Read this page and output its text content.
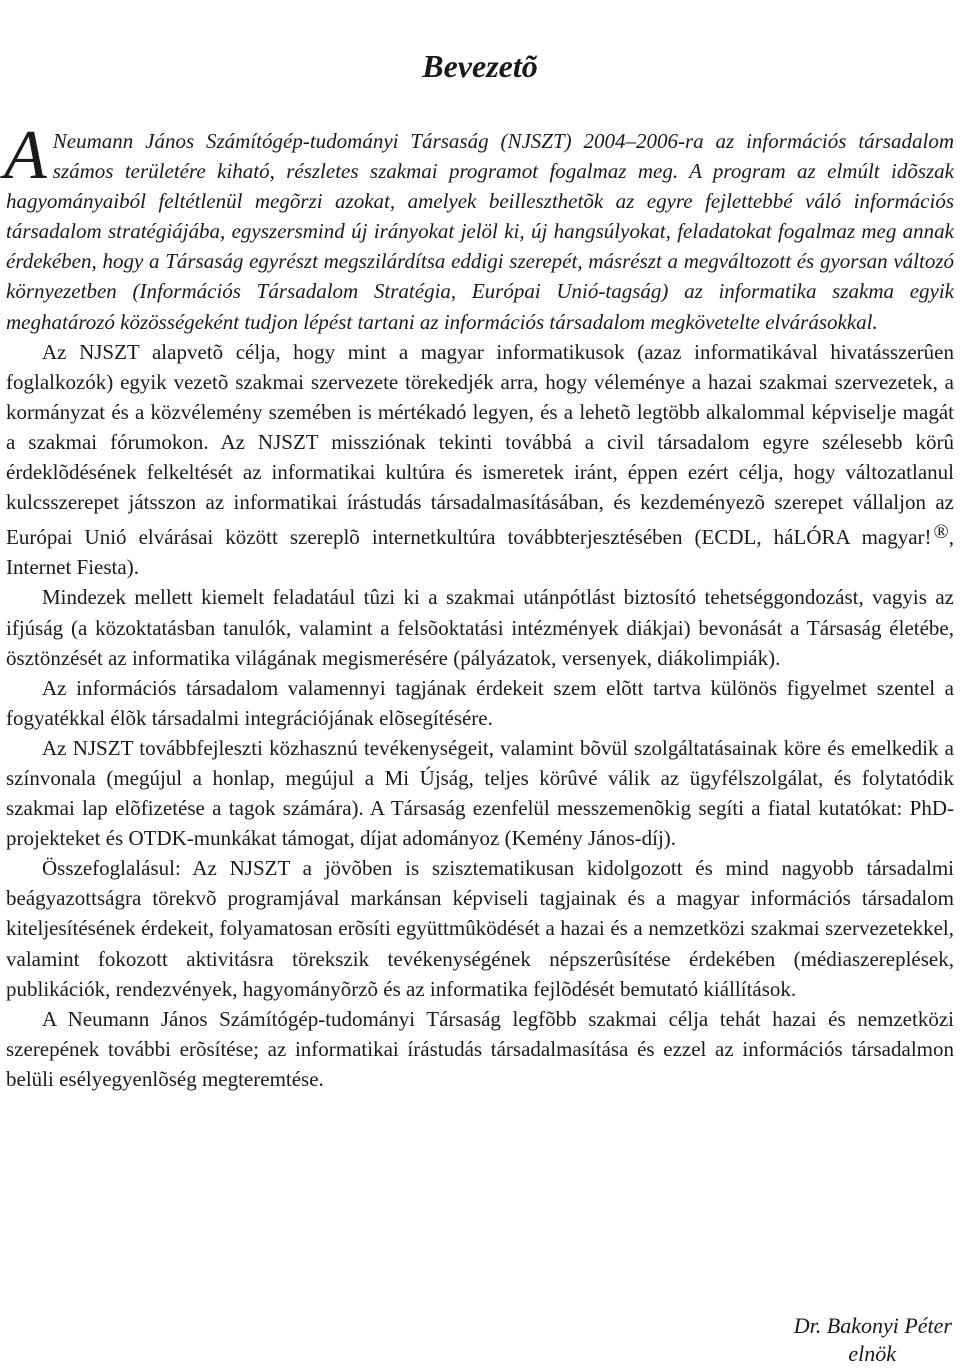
Bevezetõ

A Neumann János Számítógép-tudományi Társaság (NJSZT) 2004–2006-ra az információs társadalom számos területére kiható, részletes szakmai programot fogalmaz meg. A program az elmúlt idõszak hagyományaiból feltétlenül megõrzi azokat, amelyek beilleszthetõk az egyre fejlettebbé váló információs társadalom stratégiájába, egyszersmind új irányokat jelöl ki, új hangsúlyokat, feladatokat fogalmaz meg annak érdekében, hogy a Társaság egyrészt megszilárdítsa eddigi szerepét, másrészt a megváltozott és gyorsan változó környezetben (Információs Társadalom Stratégia, Európai Unió-tagság) az informatika szakma egyik meghatározó közösségeként tudjon lépést tartani az információs társadalom megkövetelte elvárásokkal.

Az NJSZT alapvetõ célja, hogy mint a magyar informatikusok (azaz informatikával hivatásszerûen foglalkozók) egyik vezetõ szakmai szervezete törekedjék arra, hogy véleménye a hazai szakmai szervezetek, a kormányzat és a közvélemény szemében is mértékadó legyen, és a lehetõ legtöbb alkalommal képviselje magát a szakmai fórumokon. Az NJSZT missziónak tekinti továbbá a civil társadalom egyre szélesebb körû érdeklõdésének felkeltését az informatikai kultúra és ismeretek iránt, éppen ezért célja, hogy változatlanul kulcsszerepet játsszon az informatikai írástudás társadalmasításában, és kezdeményezõ szerepet vállaljon az Európai Unió elvárásai között szereplõ internetkultúra továbbterjesztésében (ECDL, háLÓRA magyar! ®, Internet Fiesta).

Mindezek mellett kiemelt feladatául tûzi ki a szakmai utánpótlást biztosító tehetséggondozást, vagyis az ifjúság (a közoktatásban tanulók, valamint a felsõoktatási intézmények diákjai) bevonását a Társaság életébe, ösztönzését az informatika világának megismerésére (pályázatok, versenyek, diákolimpiák).

Az információs társadalom valamennyi tagjának érdekeit szem elõtt tartva különös figyelmet szentel a fogyatékkal élõk társadalmi integrációjának elõsegítésére.

Az NJSZT továbbfejleszti közhasznú tevékenységeit, valamint bõvül szolgáltatásainak köre és emelkedik a színvonala (megújul a honlap, megújul a Mi Újság, teljes körûvé válik az ügyfélszolgálat, és folytatódik szakmai lap elõfizetése a tagok számára). A Társaság ezenfelül messzemenõkig segíti a fiatal kutatókat: PhD-projekteket és OTDK-munkákat támogat, díjat adományoz (Kemény János-díj).

Összefoglalásul: Az NJSZT a jövõben is szisztematikusan kidolgozott és mind nagyobb társadalmi beágyazottságra törekvõ programjával markánsan képviseli tagjainak és a magyar információs társadalom kiteljesítésének érdekeit, folyamatosan erõsíti együttmûködését a hazai és a nemzetközi szakmai szervezetekkel, valamint fokozott aktivitásra törekszik tevékenységének népszerûsítése érdekében (médiaszereplések, publikációk, rendezvények, hagyományõrzõ és az informatika fejlõdését bemutató kiállítások.

A Neumann János Számítógép-tudományi Társaság legfõbb szakmai célja tehát hazai és nemzetközi szerepének további erõsítése; az informatikai írástudás társadalmasítása és ezzel az információs társadalmon belüli esélyegyenlõség megteremtése.

Dr. Bakonyi Péter
elnök
